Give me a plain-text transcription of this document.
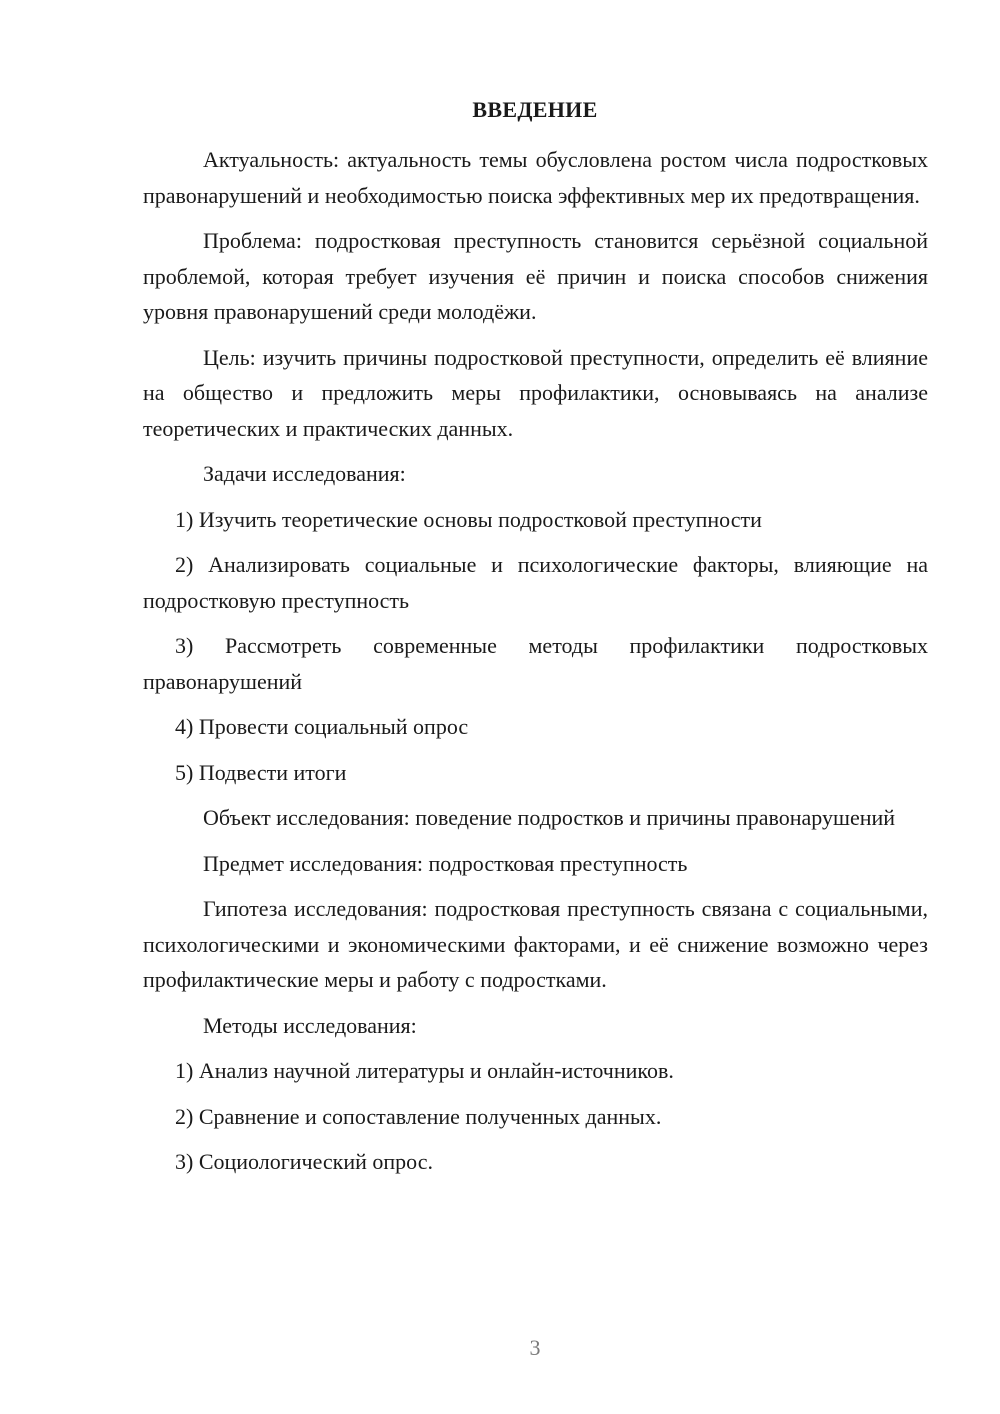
ВВЕДЕНИЕ

Актуальность: актуальность темы обусловлена ростом числа подростковых правонарушений и необходимостью поиска эффективных мер их предотвращения.

Проблема: подростковая преступность становится серьёзной социальной проблемой, которая требует изучения её причин и поиска способов снижения уровня правонарушений среди молодёжи.

Цель: изучить причины подростковой преступности, определить её влияние на общество и предложить меры профилактики, основываясь на анализе теоретических и практических данных.

Задачи исследования:

1) Изучить теоретические основы подростковой преступности

2) Анализировать социальные и психологические факторы, влияющие на подростковую преступность

3) Рассмотреть современные методы профилактики подростковых правонарушений

4) Провести социальный опрос

5) Подвести итоги

Объект исследования: поведение подростков и причины правонарушений

Предмет исследования: подростковая преступность

Гипотеза исследования: подростковая преступность связана с социальными, психологическими и экономическими факторами, и её снижение возможно через профилактические меры и работу с подростками.

Методы исследования:

1) Анализ научной литературы и онлайн-источников.

2) Сравнение и сопоставление полученных данных.

3) Социологический опрос.

3
